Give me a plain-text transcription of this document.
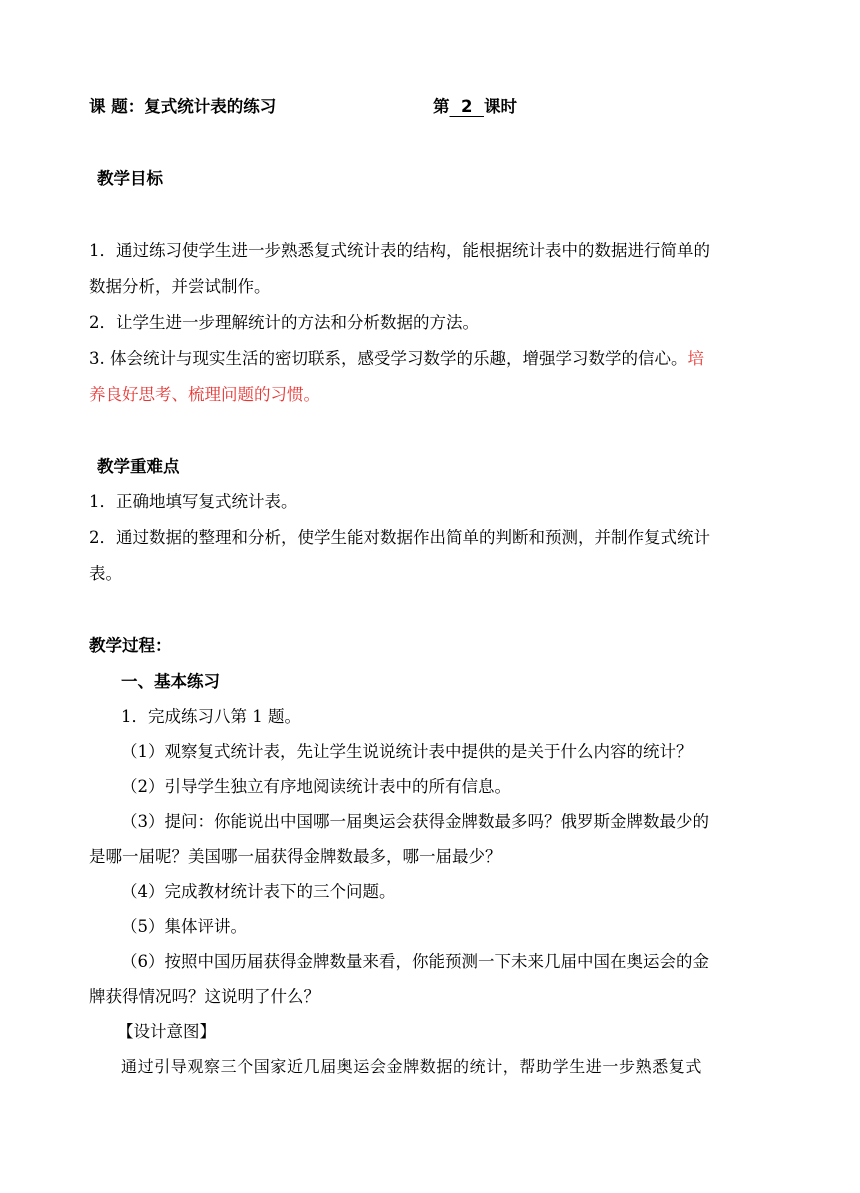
课 题：复式统计表的练习	第  2  课时
教学目标
1．通过练习使学生进一步熟悉复式统计表的结构，能根据统计表中的数据进行简单的
数据分析，并尝试制作。
2．让学生进一步理解统计的方法和分析数据的方法。
3. 体会统计与现实生活的密切联系，感受学习数学的乐趣，增强学习数学的信心。培
养良好思考、梳理问题的习惯。
教学重难点
1．正确地填写复式统计表。
2．通过数据的整理和分析，使学生能对数据作出简单的判断和预测，并制作复式统计
表。
教学过程：
一、基本练习
1．完成练习八第 1 题。
（1）观察复式统计表，先让学生说说统计表中提供的是关于什么内容的统计？
（2）引导学生独立有序地阅读统计表中的所有信息。
（3）提问：你能说出中国哪一届奥运会获得金牌数最多吗？俄罗斯金牌数最少的
是哪一届呢？美国哪一届获得金牌数最多，哪一届最少？
（4）完成教材统计表下的三个问题。
（5）集体评讲。
（6）按照中国历届获得金牌数量来看，你能预测一下未来几届中国在奥运会的金
牌获得情况吗？这说明了什么？
【设计意图】
通过引导观察三个国家近几届奥运会金牌数据的统计，帮助学生进一步熟悉复式
